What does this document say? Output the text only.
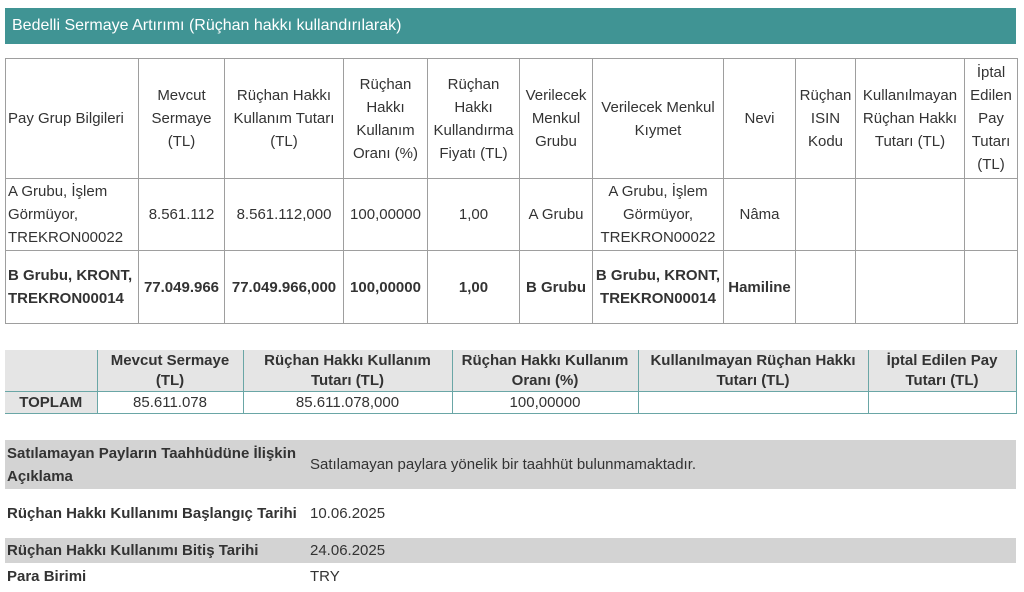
Bedelli Sermaye Artırımı (Rüçhan hakkı kullandırılarak)
Pay Grup Bilgileri	Mevcut Sermaye (TL)	Rüçhan Hakkı Kullanım Tutarı (TL)	Rüçhan Hakkı Kullanım Oranı (%)	Rüçhan Hakkı Kullandırma Fiyatı (TL)	Verilecek Menkul Grubu	Verilecek Menkul Kıymet	Nevi	Rüçhan ISIN Kodu	Kullanılmayan Rüçhan Hakkı Tutarı (TL)	İptal Edilen Pay Tutarı (TL)
A Grubu, İşlem Görmüyor, TREKRON00022	8.561.112	8.561.112,000	100,00000	1,00	A Grubu	A Grubu, İşlem Görmüyor, TREKRON00022	Nâma			
B Grubu, KRONT, TREKRON00014	77.049.966	77.049.966,000	100,00000	1,00	B Grubu	B Grubu, KRONT, TREKRON00014	Hamiline			
	Mevcut Sermaye (TL)	Rüçhan Hakkı Kullanım Tutarı (TL)	Rüçhan Hakkı Kullanım Oranı (%)	Kullanılmayan Rüçhan Hakkı Tutarı (TL)	İptal Edilen Pay Tutarı (TL)
TOPLAM	85.611.078	85.611.078,000	100,00000		
Satılamayan Payların Taahhüdüne İlişkin Açıklama	Satılamayan paylara yönelik bir taahhüt bulunmamaktadır.
Rüçhan Hakkı Kullanımı Başlangıç Tarihi	10.06.2025
Rüçhan Hakkı Kullanımı Bitiş Tarihi	24.06.2025
Para Birimi	TRY
